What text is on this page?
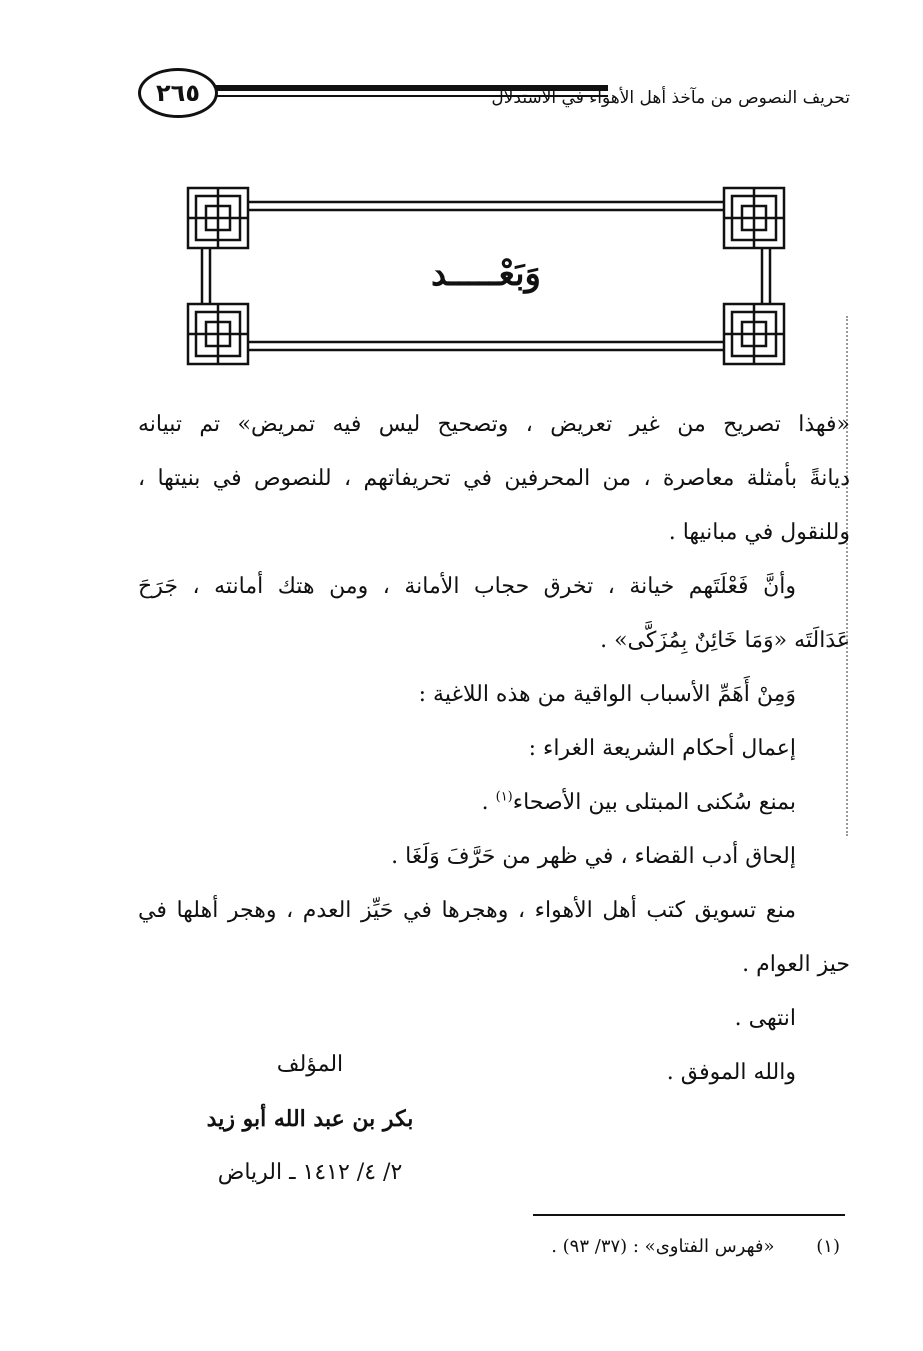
٢٦٥	تحريف النصوص من مآخذ أهل الأهواء في الاستدلال
وَبَعْـــــد
«فهذا تصريح من غير تعريض ، وتصحيح ليس فيه تمريض» تم تبيانه
ديانةً بأمثلة معاصرة ، من المحرفين في تحريفاتهم ، للنصوص في بنيتها ،
وللنقول في مبانيها .
وأنَّ فَعْلَتَهم خيانة ، تخرق حجاب الأمانة ، ومن هتك أمانته ، جَرَحَ
عَدَالَتَه «وَمَا خَائِنٌ بِمُزَكَّى» .
وَمِنْ أَهَمِّ الأسباب الواقية من هذه اللاغية :
إعمال أحكام الشريعة الغراء :
بمنع سُكنى المبتلى بين الأصحاء$^{(١)}$ .
إلحاق أدب القضاء ، في ظهر من حَرَّفَ وَلَغَا .
منع تسويق كتب أهل الأهواء ، وهجرها في حَيِّز العدم ، وهجر أهلها في
حيز العوام .
انتهى .
والله الموفق .
المؤلف
بكر بن عبد الله أبو زيد
٢/ ٤/ ١٤١٢ ـ الرياض
(١) «فهرس الفتاوى» : (٣٧/ ٩٣) .
